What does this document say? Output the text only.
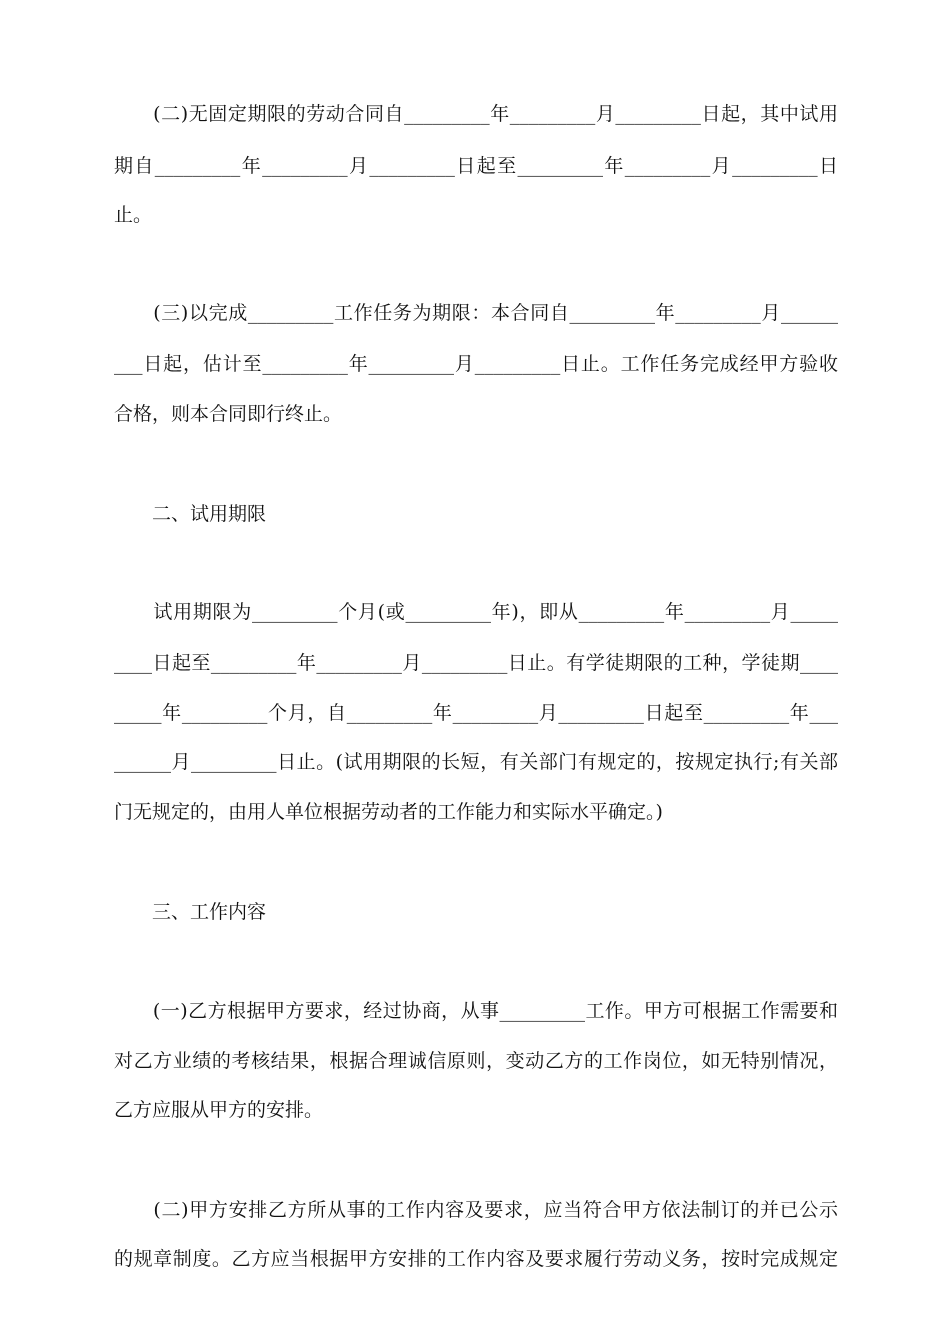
　　(二)无固定期限的劳动合同自_________年_________月_________日起，其中试用
期自_________年_________月_________日起至_________年_________月_________日
止。
　　(三)以完成_________工作任务为期限：本合同自_________年_________月______
___日起，估计至_________年_________月_________日止。工作任务完成经甲方验收
合格，则本合同即行终止。
　　二、试用期限
　　试用期限为_________个月(或_________年)，即从_________年_________月_____
____日起至_________年_________月_________日止。有学徒期限的工种，学徒期____
_____年_________个月，自_________年_________月_________日起至_________年___
______月_________日止。(试用期限的长短，有关部门有规定的，按规定执行;有关部
门无规定的，由用人单位根据劳动者的工作能力和实际水平确定。)
　　三、工作内容
　　(一)乙方根据甲方要求，经过协商，从事_________工作。甲方可根据工作需要和
对乙方业绩的考核结果，根据合理诚信原则，变动乙方的工作岗位，如无特别情况，
乙方应服从甲方的安排。
　　(二)甲方安排乙方所从事的工作内容及要求，应当符合甲方依法制订的并已公示
的规章制度。乙方应当根据甲方安排的工作内容及要求履行劳动义务，按时完成规定
